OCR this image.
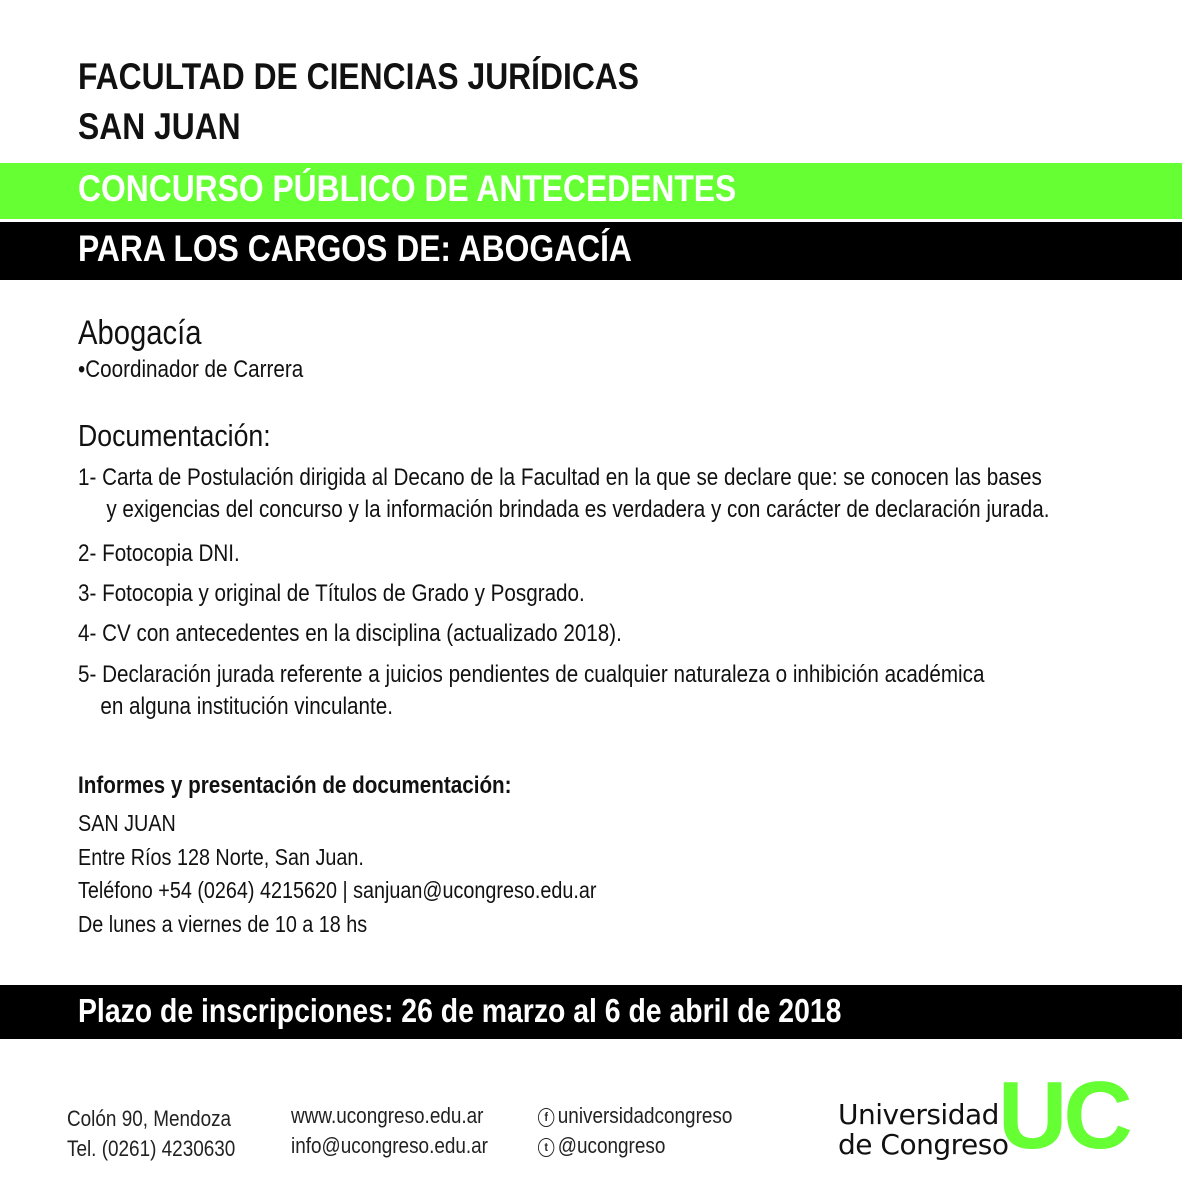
FACULTAD DE CIENCIAS JURÍDICAS
SAN JUAN
CONCURSO PÚBLICO DE ANTECEDENTES
PARA LOS CARGOS DE: ABOGACÍA
Abogacía
•Coordinador de Carrera
Documentación:
1- Carta de Postulación dirigida al Decano de la Facultad en la que se declare que: se conocen las bases
y exigencias del concurso y la información brindada es verdadera y con carácter de declaración jurada.
2- Fotocopia DNI.
3- Fotocopia y original de Títulos de Grado y Posgrado.
4- CV con antecedentes en la disciplina (actualizado 2018).
5- Declaración jurada referente a juicios pendientes de cualquier naturaleza o inhibición académica
en alguna institución vinculante.
Informes y presentación de documentación:
SAN JUAN
Entre Ríos 128 Norte, San Juan.
Teléfono +54 (0264) 4215620 | sanjuan@ucongreso.edu.ar
De lunes a viernes de 10 a 18 hs
Plazo de inscripciones: 26 de marzo al 6 de abril de 2018
Colón 90, Mendoza
Tel. (0261) 4230630
www.ucongreso.edu.ar
info@ucongreso.edu.ar
f universidadcongreso
t @ucongreso
Universidad
de Congreso
UC
